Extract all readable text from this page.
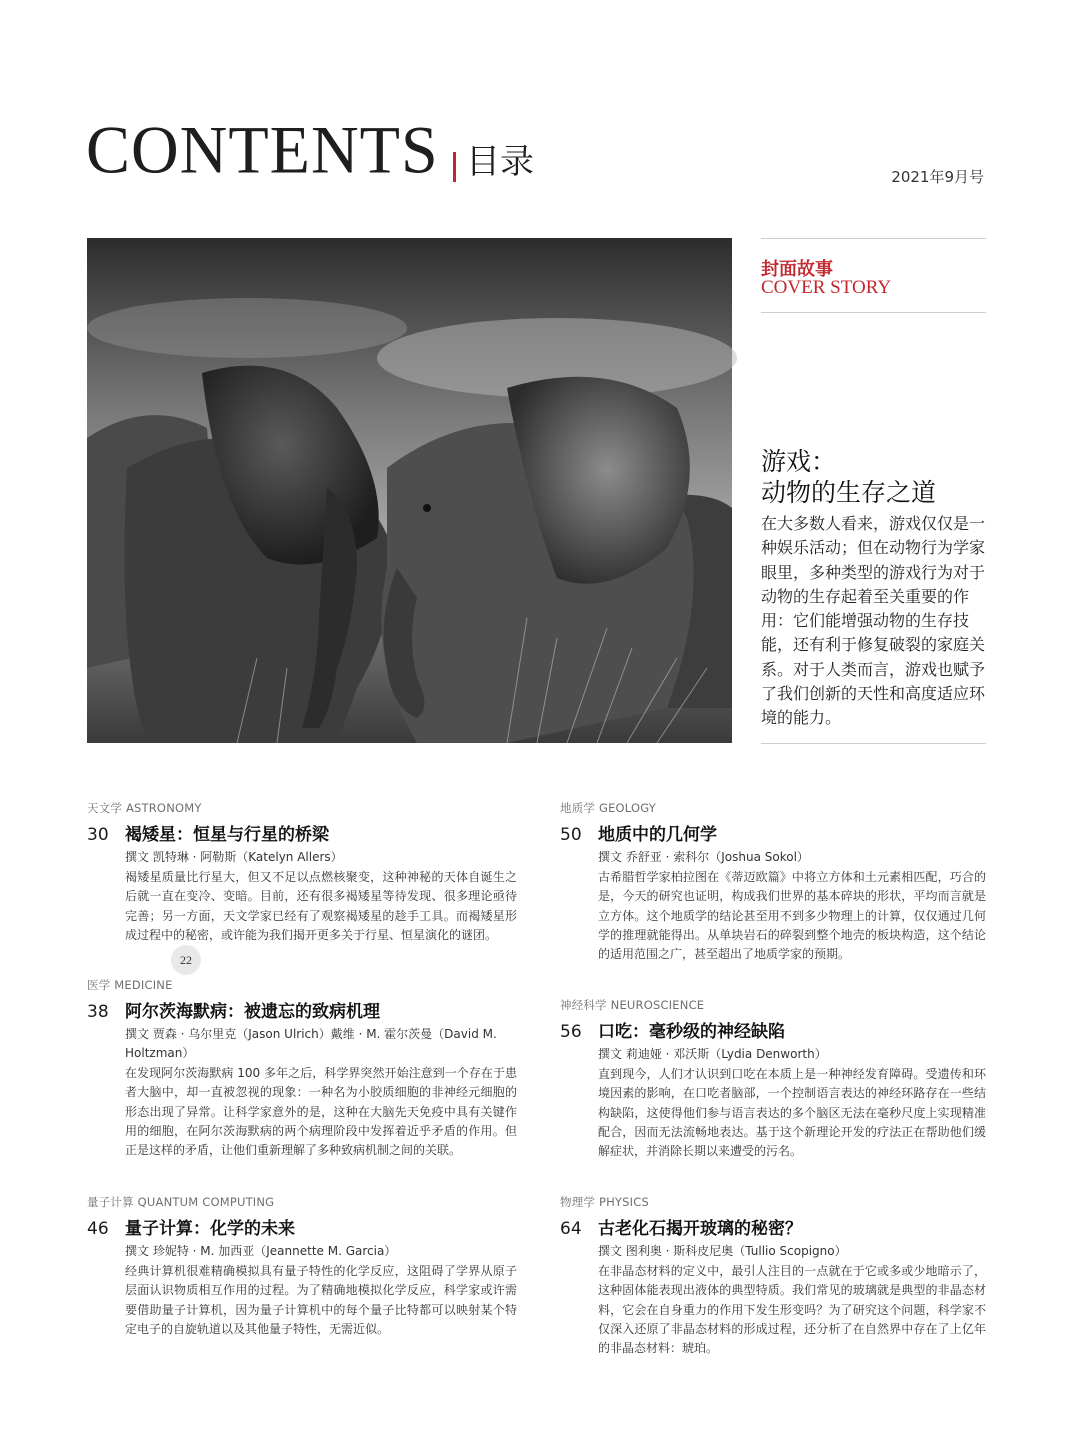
CONTENTS 目录	2021年9月号
22
封面故事
COVER STORY
游戏：
动物的生存之道
在大多数人看来，游戏仅仅是一种娱乐活动；但在动物行为学家眼里，多种类型的游戏行为对于动物的生存起着至关重要的作用：它们能增强动物的生存技能，还有利于修复破裂的家庭关系。对于人类而言，游戏也赋予了我们创新的天性和高度适应环境的能力。
天文学 ASTRONOMY
30 褐矮星：恒星与行星的桥梁
撰文 凯特琳 · 阿勒斯（Katelyn Allers）
褐矮星质量比行星大，但又不足以点燃核聚变，这种神秘的天体自诞生之后就一直在变冷、变暗。目前，还有很多褐矮星等待发现、很多理论亟待完善；另一方面，天文学家已经有了观察褐矮星的趁手工具。而褐矮星形成过程中的秘密，或许能为我们揭开更多关于行星、恒星演化的谜团。
医学 MEDICINE
38 阿尔茨海默病：被遗忘的致病机理
撰文 贾森 · 乌尔里克（Jason Ulrich）戴维 · M. 霍尔茨曼（David M. Holtzman）
在发现阿尔茨海默病 100 多年之后，科学界突然开始注意到一个存在于患者大脑中，却一直被忽视的现象：一种名为小胶质细胞的非神经元细胞的形态出现了异常。让科学家意外的是，这种在大脑先天免疫中具有关键作用的细胞，在阿尔茨海默病的两个病理阶段中发挥着近乎矛盾的作用。但正是这样的矛盾，让他们重新理解了多种致病机制之间的关联。
量子计算 QUANTUM COMPUTING
46 量子计算：化学的未来
撰文 珍妮特 · M. 加西亚（Jeannette M. Garcia）
经典计算机很难精确模拟具有量子特性的化学反应，这阻碍了学界从原子层面认识物质相互作用的过程。为了精确地模拟化学反应，科学家或许需要借助量子计算机，因为量子计算机中的每个量子比特都可以映射某个特定电子的自旋轨道以及其他量子特性，无需近似。
地质学 GEOLOGY
50 地质中的几何学
撰文 乔舒亚 · 索科尔（Joshua Sokol）
古希腊哲学家柏拉图在《蒂迈欧篇》中将立方体和土元素相匹配，巧合的是，今天的研究也证明，构成我们世界的基本碎块的形状，平均而言就是立方体。这个地质学的结论甚至用不到多少物理上的计算，仅仅通过几何学的推理就能得出。从单块岩石的碎裂到整个地壳的板块构造，这个结论的适用范围之广，甚至超出了地质学家的预期。
神经科学 NEUROSCIENCE
56 口吃：毫秒级的神经缺陷
撰文 莉迪娅 · 邓沃斯（Lydia Denworth）
直到现今，人们才认识到口吃在本质上是一种神经发育障碍。受遗传和环境因素的影响，在口吃者脑部，一个控制语言表达的神经环路存在一些结构缺陷，这使得他们参与语言表达的多个脑区无法在毫秒尺度上实现精准配合，因而无法流畅地表达。基于这个新理论开发的疗法正在帮助他们缓解症状，并消除长期以来遭受的污名。
物理学 PHYSICS
64 古老化石揭开玻璃的秘密？
撰文 图利奥 · 斯科皮尼奥（Tullio Scopigno）
在非晶态材料的定义中，最引人注目的一点就在于它或多或少地暗示了，这种固体能表现出液体的典型特质。我们常见的玻璃就是典型的非晶态材料，它会在自身重力的作用下发生形变吗？为了研究这个问题，科学家不仅深入还原了非晶态材料的形成过程，还分析了在自然界中存在了上亿年的非晶态材料：琥珀。
